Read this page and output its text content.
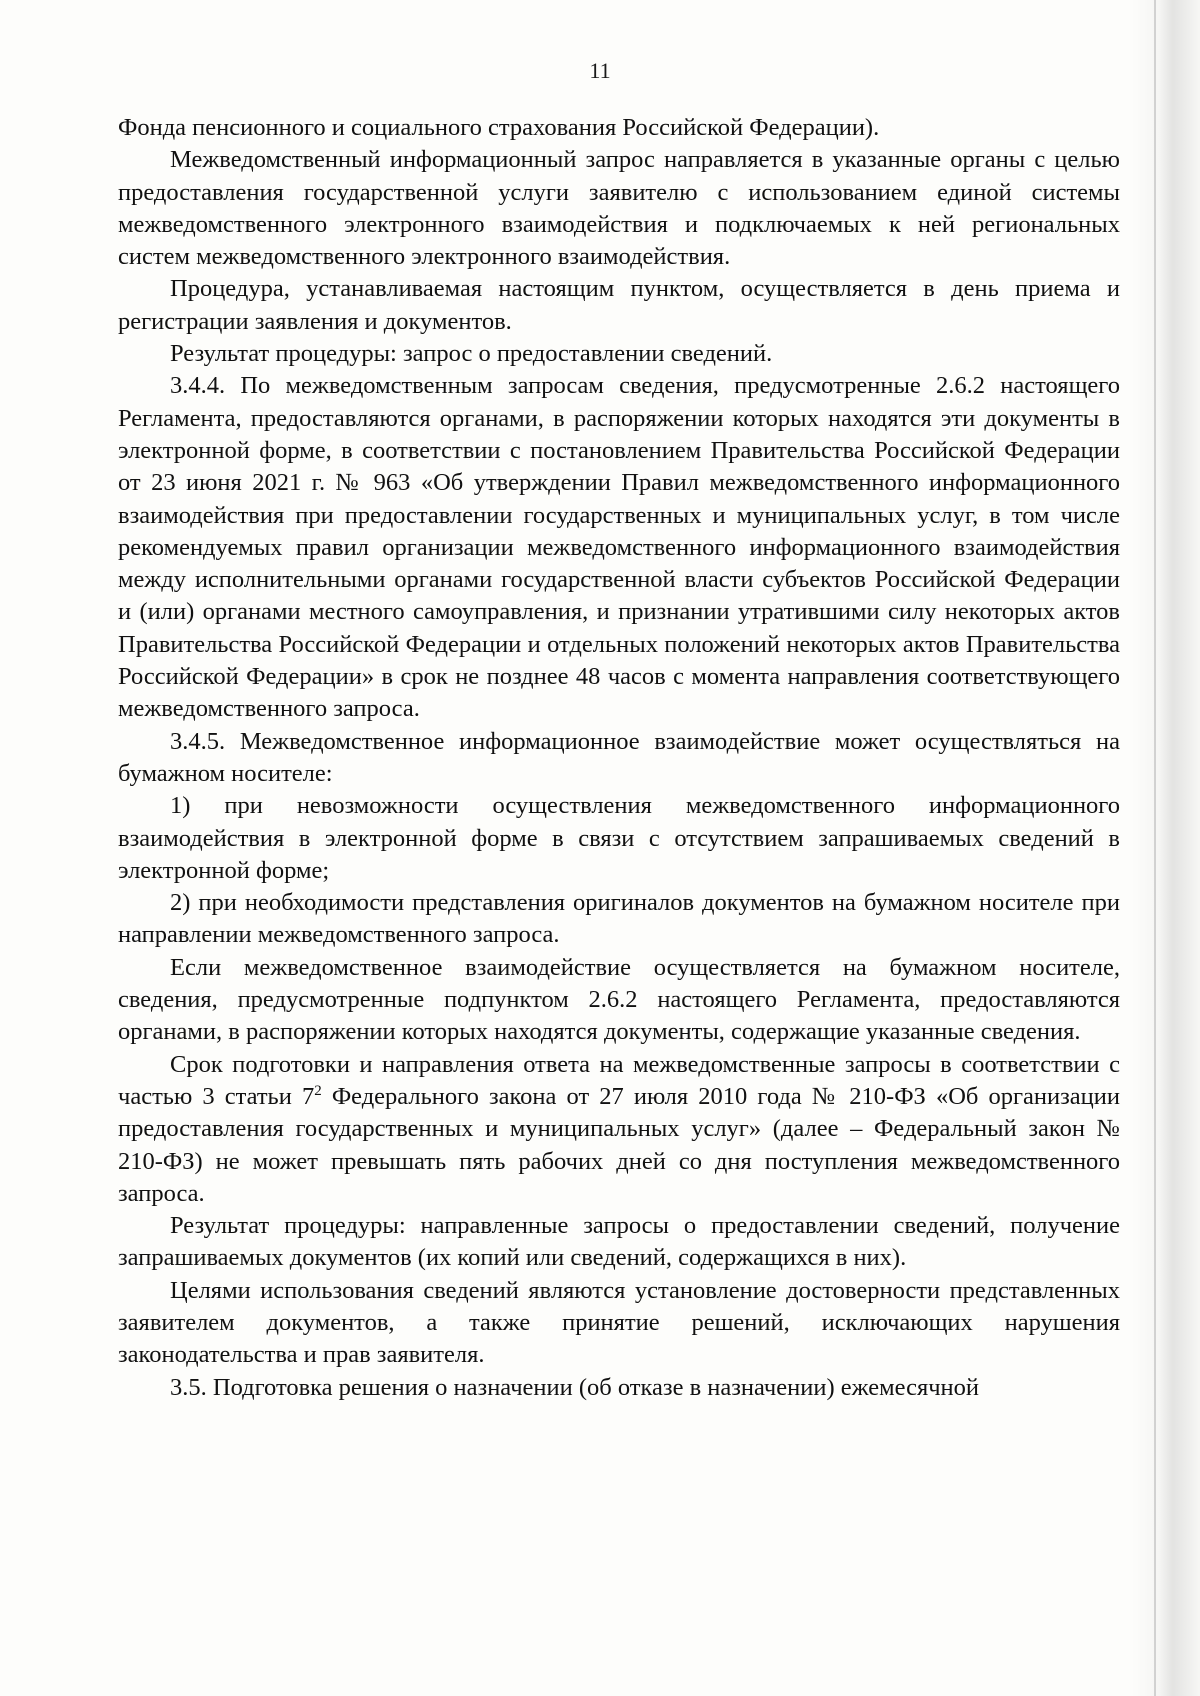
11

Фонда пенсионного и социального страхования Российской Федерации).

Межведомственный информационный запрос направляется в указанные органы с целью предоставления государственной услуги заявителю с использованием единой системы межведомственного электронного взаимодействия и подключаемых к ней региональных систем межведомственного электронного взаимодействия.

Процедура, устанавливаемая настоящим пунктом, осуществляется в день приема и регистрации заявления и документов.

Результат процедуры: запрос о предоставлении сведений.

3.4.4. По межведомственным запросам сведения, предусмотренные 2.6.2 настоящего Регламента, предоставляются органами, в распоряжении которых находятся эти документы в электронной форме, в соответствии с постановлением Правительства Российской Федерации от 23 июня 2021 г. № 963 «Об утверждении Правил межведомственного информационного взаимодействия при предоставлении государственных и муниципальных услуг, в том числе рекомендуемых правил организации межведомственного информационного взаимодействия между исполнительными органами государственной власти субъектов Российской Федерации и (или) органами местного самоуправления, и признании утратившими силу некоторых актов Правительства Российской Федерации и отдельных положений некоторых актов Правительства Российской Федерации» в срок не позднее 48 часов с момента направления соответствующего межведомственного запроса.

3.4.5. Межведомственное информационное взаимодействие может осуществляться на бумажном носителе:

1) при невозможности осуществления межведомственного информационного взаимодействия в электронной форме в связи с отсутствием запрашиваемых сведений в электронной форме;

2) при необходимости представления оригиналов документов на бумажном носителе при направлении межведомственного запроса.

Если межведомственное взаимодействие осуществляется на бумажном носителе, сведения, предусмотренные подпунктом 2.6.2 настоящего Регламента, предоставляются органами, в распоряжении которых находятся документы, содержащие указанные сведения.

Срок подготовки и направления ответа на межведомственные запросы в соответствии с частью 3 статьи $7^2$ Федерального закона от 27 июля 2010 года № 210-ФЗ «Об организации предоставления государственных и муниципальных услуг» (далее – Федеральный закон № 210-ФЗ) не может превышать пять рабочих дней со дня поступления межведомственного запроса.

Результат процедуры: направленные запросы о предоставлении сведений, получение запрашиваемых документов (их копий или сведений, содержащихся в них).

Целями использования сведений являются установление достоверности представленных заявителем документов, а также принятие решений, исключающих нарушения законодательства и прав заявителя.

3.5. Подготовка решения о назначении (об отказе в назначении) ежемесячной
